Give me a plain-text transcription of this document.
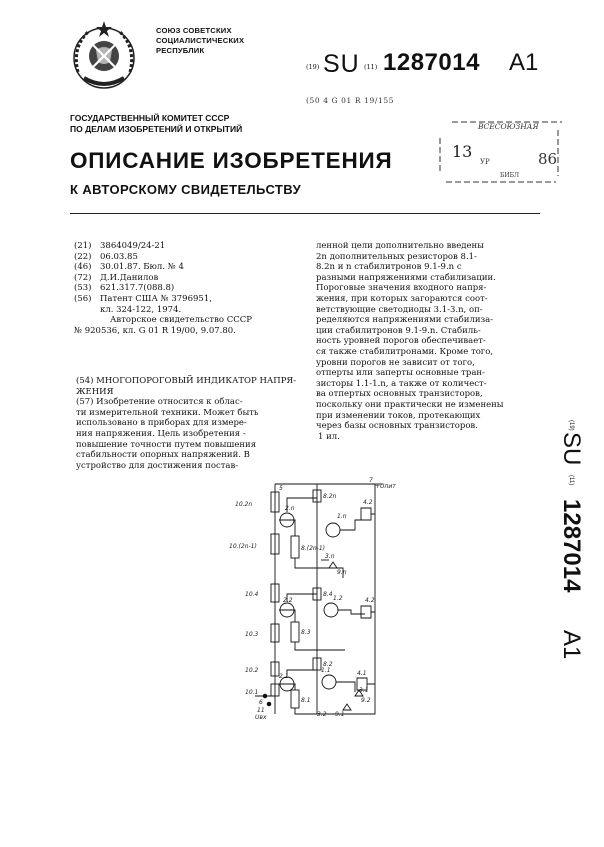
СОЮЗ СОВЕТСКИХ
СОЦИАЛИСТИЧЕСКИХ
РЕСПУБЛИК
(19) SU (11) 1287014 A1
(50 4 G 01 R 19/155
ГОСУДАРСТВЕННЫЙ КОМИТЕТ СССР
ПО ДЕЛАМ ИЗОБРЕТЕНИЙ И ОТКРЫТИЙ	ВСЕСОЮЗНАЯ
13
УР	86
БИБЛ
ОПИСАНИЕ ИЗОБРЕТЕНИЯ
К АВТОРСКОМУ СВИДЕТЕЛЬСТВУ
(21)	3864049/24-21
(22)	06.03.85
(46)	30.01.87. Бюл. № 4
(72)	Д.И.Данилов
(53)	621.317.7(088.8)
(56)	Патент США № 3796951,
кл. 324-122, 1974.
Авторское свидетельство СССР
№ 920536, кл. G 01 R 19/00, 9.07.80.
(54) МНОГОПОРОГОВЫЙ ИНДИКАТОР НАПРЯ-
ЖЕНИЯ
(57) Изобретение относится к облас-
ти измерительной техники. Может быть
использовано в приборах для измере-
ния напряжения. Цель изобретения -
повышение точности путем повышения
стабильности опорных напряжений. В
устройство для достижения постав-
ленной цели дополнительно введены
2n дополнительных резисторов 8.1-
8.2n и n стабилитронов 9.1-9.n с
разными напряжениями стабилизации.
Пороговые значения входного напря-
жения, при которых загораются соот-
ветствующие светодиоды 3.1-3.n, оп-
ределяются напряжениями стабилиза-
ции стабилитронов 9.1-9.n. Стабиль-
ность уровней порогов обеспечивает-
ся также стабилитронами. Кроме того,
уровни порогов не зависит от того,
отперты или заперты основные тран-
зисторы 1.1-1.n, а также от количест-
ва отпертых основных транзисторов,
поскольку они практически не изменены
при изменении токов, протекающих
через базы основных транзисторов.
1 ил.
(19)
SU
(11)
1287014
A1
7
+Uпит
5
10.2n
10.(2n-1)
10.4
10.3
10.2
10.1
6
11
Uвх
8.2n
8.(2n-1)
8.4
8.3
8.2
8.1
1.n
2.n
2.2	1.2
2.1
1.1
3.n
9.n
4.2
4.2
4.1
3.1
9.2
3.2 9.1
